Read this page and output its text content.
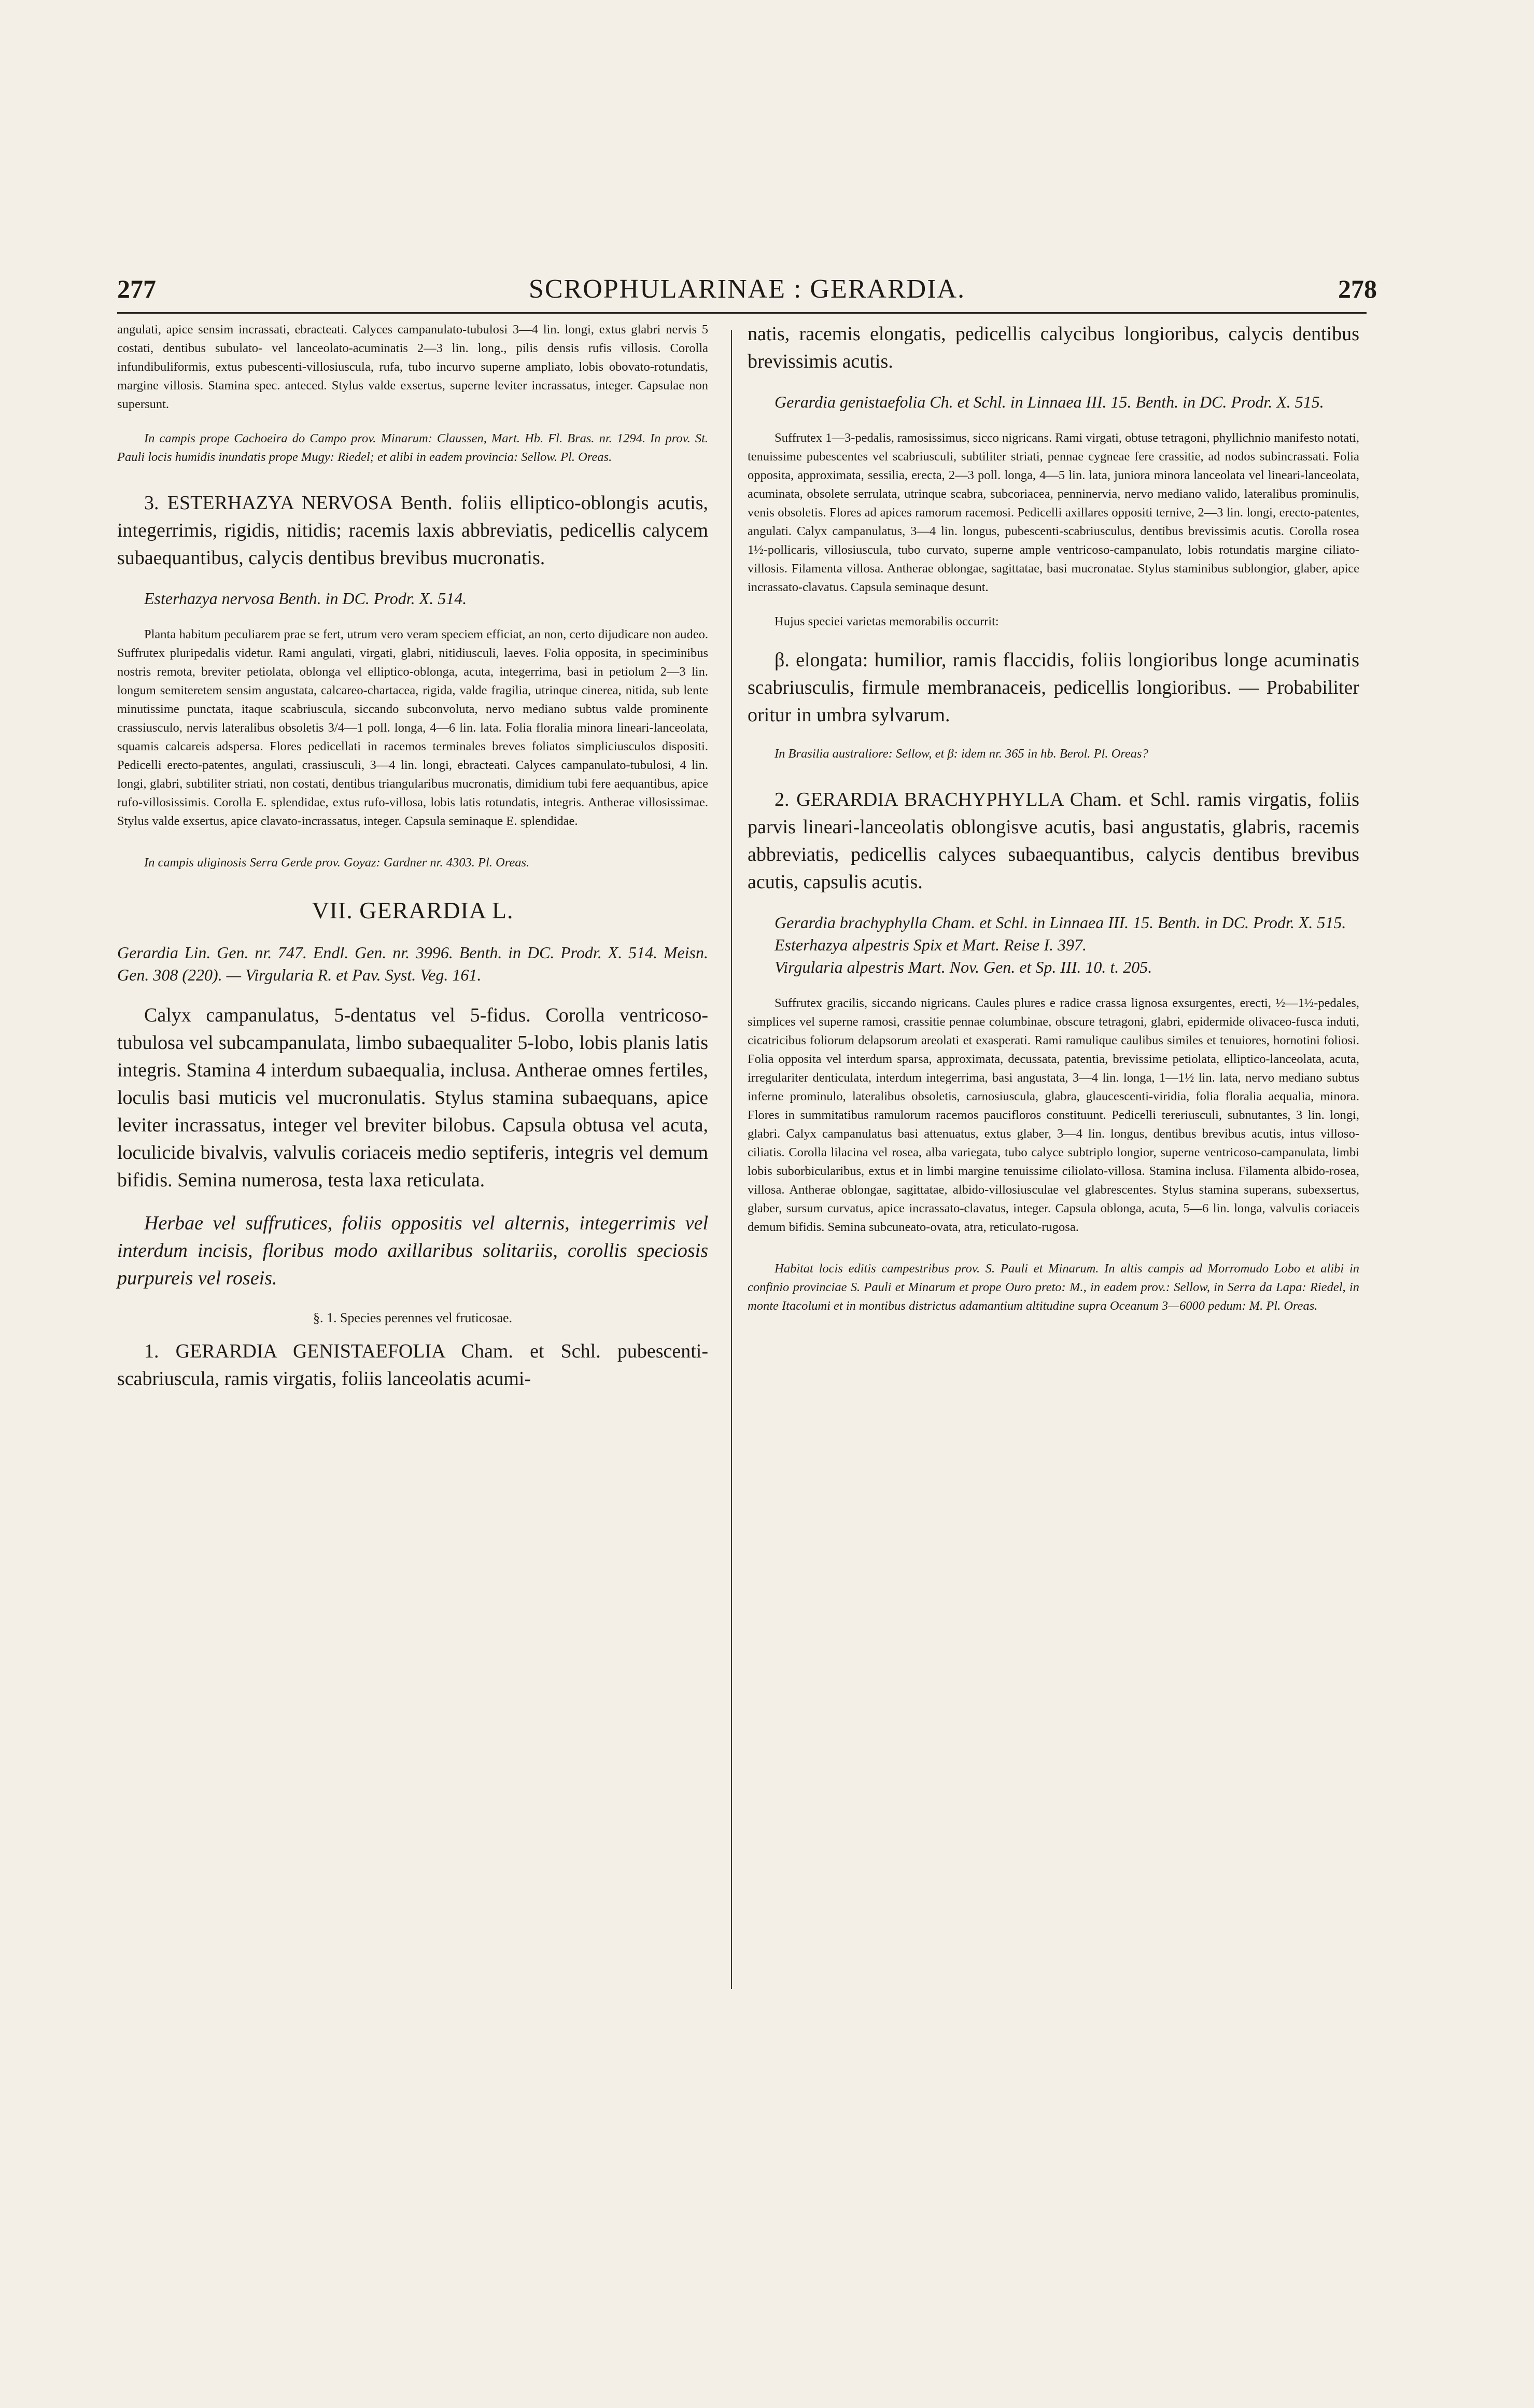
277	SCROPHULARINAE : GERARDIA.	278

angulati, apice sensim incrassati, ebracteati. Calyces campanulato-tubulosi 3—4 lin. longi, extus glabri nervis 5 costati, dentibus subulato- vel lanceolato-acuminatis 2—3 lin. long., pilis densis rufis villosis. Corolla infundibuliformis, extus pubescenti-villosiuscula, rufa, tubo incurvo superne ampliato, lobis obovato-rotundatis, margine villosis. Stamina spec. anteced. Stylus valde exsertus, superne leviter incrassatus, integer. Capsulae non supersunt.

In campis prope Cachoeira do Campo prov. Minarum: Claussen, Mart. Hb. Fl. Bras. nr. 1294. In prov. St. Pauli locis humidis inundatis prope Mugy: Riedel; et alibi in eadem provincia: Sellow. Pl. Oreas.

3. ESTERHAZYA NERVOSA Benth. foliis elliptico-oblongis acutis, integerrimis, rigidis, nitidis; racemis laxis abbreviatis, pedicellis calycem subaequantibus, calycis dentibus brevibus mucronatis.

Esterhazya nervosa Benth. in DC. Prodr. X. 514.

Planta habitum peculiarem prae se fert, utrum vero veram speciem efficiat, an non, certo dijudicare non audeo. Suffrutex pluripedalis videtur. Rami angulati, virgati, glabri, nitidiusculi, laeves. Folia opposita, in speciminibus nostris remota, breviter petiolata, oblonga vel elliptico-oblonga, acuta, integerrima, basi in petiolum 2—3 lin. longum semiteretem sensim angustata, calcareo-chartacea, rigida, valde fragilia, utrinque cinerea, nitida, sub lente minutissime punctata, itaque scabriuscula, siccando subconvoluta, nervo mediano subtus valde prominente crassiusculo, nervis lateralibus obsoletis 3/4—1 poll. longa, 4—6 lin. lata. Folia floralia minora lineari-lanceolata, squamis calcareis adspersa. Flores pedicellati in racemos terminales breves foliatos simpliciusculos dispositi. Pedicelli erecto-patentes, angulati, crassiusculi, 3—4 lin. longi, ebracteati. Calyces campanulato-tubulosi, 4 lin. longi, glabri, subtiliter striati, non costati, dentibus triangularibus mucronatis, dimidium tubi fere aequantibus, apice rufo-villosissimis. Corolla E. splendidae, extus rufo-villosa, lobis latis rotundatis, integris. Antherae villosissimae. Stylus valde exsertus, apice clavato-incrassatus, integer. Capsula seminaque E. splendidae.

In campis uliginosis Serra Gerde prov. Goyaz: Gardner nr. 4303. Pl. Oreas.

VII. GERARDIA L.

Gerardia Lin. Gen. nr. 747. Endl. Gen. nr. 3996. Benth. in DC. Prodr. X. 514. Meisn. Gen. 308 (220). — Virgularia R. et Pav. Syst. Veg. 161.

Calyx campanulatus, 5-dentatus vel 5-fidus. Corolla ventricoso-tubulosa vel subcampanulata, limbo subaequaliter 5-lobo, lobis planis latis integris. Stamina 4 interdum subaequalia, inclusa. Antherae omnes fertiles, loculis basi muticis vel mucronulatis. Stylus stamina subaequans, apice leviter incrassatus, integer vel breviter bilobus. Capsula obtusa vel acuta, loculicide bivalvis, valvulis coriaceis medio septiferis, integris vel demum bifidis. Semina numerosa, testa laxa reticulata.

Herbae vel suffrutices, foliis oppositis vel alternis, integerrimis vel interdum incisis, floribus modo axillaribus solitariis, corollis speciosis purpureis vel roseis.

§. 1. Species perennes vel fruticosae.

1. GERARDIA GENISTAEFOLIA Cham. et Schl. pubescenti-scabriuscula, ramis virgatis, foliis lanceolatis acumi-

natis, racemis elongatis, pedicellis calycibus longioribus, calycis dentibus brevissimis acutis.

Gerardia genistaefolia Ch. et Schl. in Linnaea III. 15. Benth. in DC. Prodr. X. 515.

Suffrutex 1—3-pedalis, ramosissimus, sicco nigricans. Rami virgati, obtuse tetragoni, phyllichnio manifesto notati, tenuissime pubescentes vel scabriusculi, subtiliter striati, pennae cygneae fere crassitie, ad nodos subincrassati. Folia opposita, approximata, sessilia, erecta, 2—3 poll. longa, 4—5 lin. lata, juniora minora lanceolata vel lineari-lanceolata, acuminata, obsolete serrulata, utrinque scabra, subcoriacea, penninervia, nervo mediano valido, lateralibus prominulis, venis obsoletis. Flores ad apices ramorum racemosi. Pedicelli axillares oppositi ternive, 2—3 lin. longi, erecto-patentes, angulati. Calyx campanulatus, 3—4 lin. longus, pubescenti-scabriusculus, dentibus brevissimis acutis. Corolla rosea 1½-pollicaris, villosiuscula, tubo curvato, superne ample ventricoso-campanulato, lobis rotundatis margine ciliato-villosis. Filamenta villosa. Antherae oblongae, sagittatae, basi mucronatae. Stylus staminibus sublongior, glaber, apice incrassato-clavatus. Capsula seminaque desunt.

Hujus speciei varietas memorabilis occurrit:

β. elongata: humilior, ramis flaccidis, foliis longioribus longe acuminatis scabriusculis, firmule membranaceis, pedicellis longioribus. — Probabiliter oritur in umbra sylvarum.

In Brasilia australiore: Sellow, et β: idem nr. 365 in hb. Berol. Pl. Oreas?

2. GERARDIA BRACHYPHYLLA Cham. et Schl. ramis virgatis, foliis parvis lineari-lanceolatis oblongisve acutis, basi angustatis, glabris, racemis abbreviatis, pedicellis calyces subaequantibus, calycis dentibus brevibus acutis, capsulis acutis.

Gerardia brachyphylla Cham. et Schl. in Linnaea III. 15. Benth. in DC. Prodr. X. 515.

Esterhazya alpestris Spix et Mart. Reise I. 397.

Virgularia alpestris Mart. Nov. Gen. et Sp. III. 10. t. 205.

Suffrutex gracilis, siccando nigricans. Caules plures e radice crassa lignosa exsurgentes, erecti, ½—1½-pedales, simplices vel superne ramosi, crassitie pennae columbinae, obscure tetragoni, glabri, epidermide olivaceo-fusca induti, cicatricibus foliorum delapsorum areolati et exasperati. Rami ramulique caulibus similes et tenuiores, hornotini foliosi. Folia opposita vel interdum sparsa, approximata, decussata, patentia, brevissime petiolata, elliptico-lanceolata, acuta, irregulariter denticulata, interdum integerrima, basi angustata, 3—4 lin. longa, 1—1½ lin. lata, nervo mediano subtus inferne prominulo, lateralibus obsoletis, carnosiuscula, glabra, glaucescenti-viridia, folia floralia aequalia, minora. Flores in summitatibus ramulorum racemos paucifloros constituunt. Pedicelli tereriusculi, subnutantes, 3 lin. longi, glabri. Calyx campanulatus basi attenuatus, extus glaber, 3—4 lin. longus, dentibus brevibus acutis, intus villoso-ciliatis. Corolla lilacina vel rosea, alba variegata, tubo calyce subtriplo longior, superne ventricoso-campanulata, limbi lobis suborbicularibus, extus et in limbi margine tenuissime ciliolato-villosa. Stamina inclusa. Filamenta albido-rosea, villosa. Antherae oblongae, sagittatae, albido-villosiusculae vel glabrescentes. Stylus stamina superans, subexsertus, glaber, sursum curvatus, apice incrassato-clavatus, integer. Capsula oblonga, acuta, 5—6 lin. longa, valvulis coriaceis demum bifidis. Semina subcuneato-ovata, atra, reticulato-rugosa.

Habitat locis editis campestribus prov. S. Pauli et Minarum. In altis campis ad Morromudo Lobo et alibi in confinio provinciae S. Pauli et Minarum et prope Ouro preto: M., in eadem prov.: Sellow, in Serra da Lapa: Riedel, in monte Itacolumi et in montibus districtus adamantium altitudine supra Oceanum 3—6000 pedum: M. Pl. Oreas.
